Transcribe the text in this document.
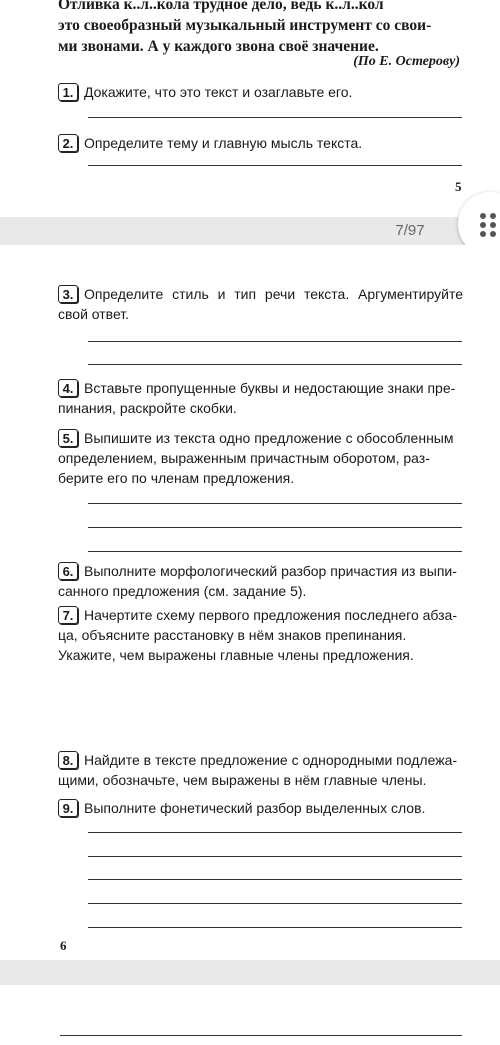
Отливка к..л..кола трудное дело, ведь к..л..кол
это своеобразный музыкальный инструмент со свои-
ми звонами. А у каждого звона своё значение.
(По Е. Остерову)
1. Докажите, что это текст и озаглавьте его.
2. Определите тему и главную мысль текста.
5
7/97
3. Определите стиль и тип речи текста. Аргументируйте свой ответ.
4. Вставьте пропущенные буквы и недостающие знаки пре-пинания, раскройте скобки.
5. Выпишите из текста одно предложение с обособленным определением, выраженным причастным оборотом, раз-берите его по членам предложения.
6. Выполните морфологический разбор причастия из выпи-санного предложения (см. задание 5).
7. Начертите схему первого предложения последнего абза-ца, объясните расстановку в нём знаков препинания. Укажите, чем выражены главные члены предложения.
8. Найдите в тексте предложение с однородными подлежа-щими, обозначьте, чем выражены в нём главные члены.
9. Выполните фонетический разбор выделенных слов.
6
